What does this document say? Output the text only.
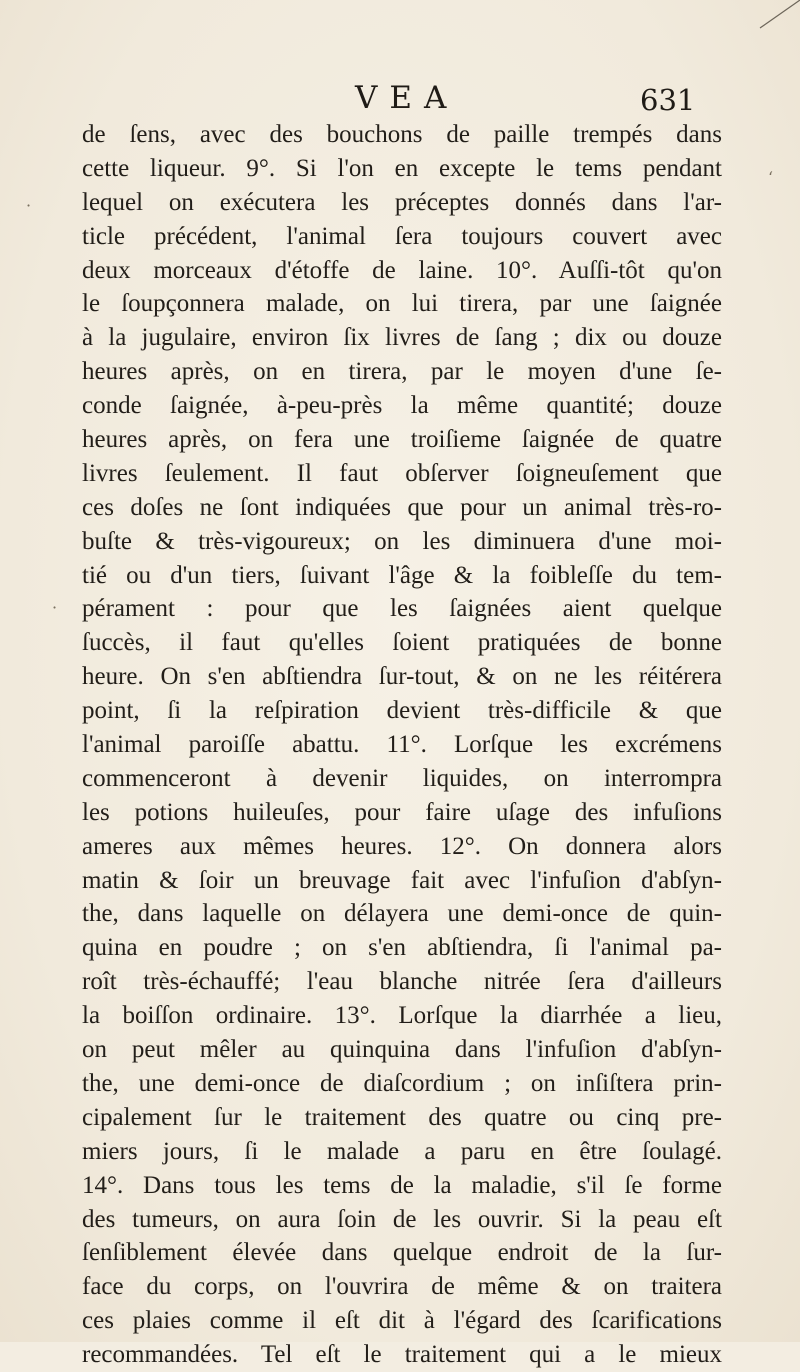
VEA	631
de ſens, avec des bouchons de paille trempés dans
cette liqueur. 9°. Si l'on en excepte le tems pendant
lequel on exécutera les préceptes donnés dans l'ar-
ticle précédent, l'animal ſera toujours couvert avec
deux morceaux d'étoffe de laine. 10°. Auſſi-tôt qu'on
le ſoupçonnera malade, on lui tirera, par une ſaignée
à la jugulaire, environ ſix livres de ſang ; dix ou douze
heures après, on en tirera, par le moyen d'une ſe-
conde ſaignée, à-peu-près la même quantité; douze
heures après, on fera une troiſieme ſaignée de quatre
livres ſeulement. Il faut obſerver ſoigneuſement que
ces doſes ne ſont indiquées que pour un animal très-ro-
buſte & très-vigoureux; on les diminuera d'une moi-
tié ou d'un tiers, ſuivant l'âge & la foibleſſe du tem-
pérament : pour que les ſaignées aient quelque
ſuccès, il faut qu'elles ſoient pratiquées de bonne
heure. On s'en abſtiendra ſur-tout, & on ne les réitérera
point, ſi la reſpiration devient très-difficile & que
l'animal paroiſſe abattu. 11°. Lorſque les excrémens
commenceront à devenir liquides, on interrompra
les potions huileuſes, pour faire uſage des infuſions
ameres aux mêmes heures. 12°. On donnera alors
matin & ſoir un breuvage fait avec l'infuſion d'abſyn-
the, dans laquelle on délayera une demi-once de quin-
quina en poudre ; on s'en abſtiendra, ſi l'animal pa-
roît très-échauffé; l'eau blanche nitrée ſera d'ailleurs
la boiſſon ordinaire. 13°. Lorſque la diarrhée a lieu,
on peut mêler au quinquina dans l'infuſion d'abſyn-
the, une demi-once de diaſcordium ; on inſiſtera prin-
cipalement ſur le traitement des quatre ou cinq pre-
miers jours, ſi le malade a paru en être ſoulagé.
14°. Dans tous les tems de la maladie, s'il ſe forme
des tumeurs, on aura ſoin de les ouvrir. Si la peau eſt
ſenſiblement élevée dans quelque endroit de la ſur-
face du corps, on l'ouvrira de même & on traitera
ces plaies comme il eſt dit à l'égard des ſcarifications
recommandées. Tel eſt le traitement qui a le mieux
‘
·
·
